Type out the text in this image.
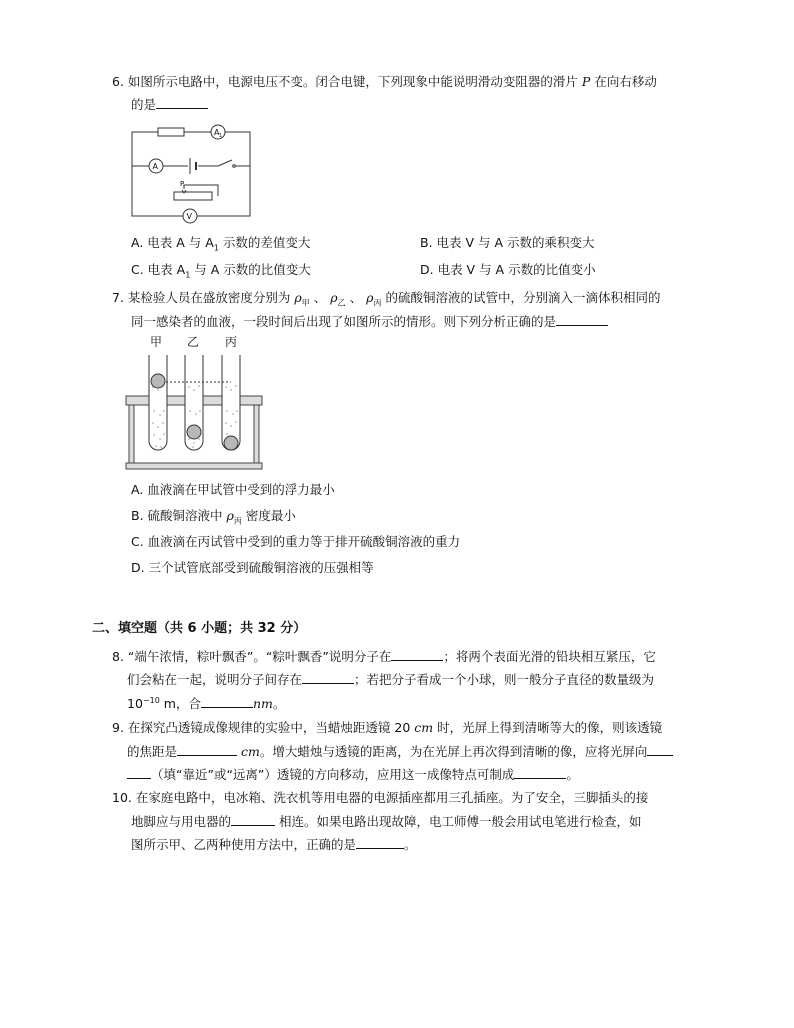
6. 如图所示电路中，电源电压不变。闭合电键，下列现象中能说明滑动变阻器的滑片 P 在向右移动
的是
A 1
A
P
V
A. 电表 A 与 $A_1$ 示数的差值变大	B. 电表 V 与 A 示数的乘积变大
C. 电表 $A_1$ 与 A 示数的比值变大	D. 电表 V 与 A 示数的比值变小
7. 某检验人员在盛放密度分别为 $\rho_甲$ 、 $\rho_乙$ 、 $\rho_丙$ 的硫酸铜溶液的试管中，分别滴入一滴体积相同的
同一感染者的血液，一段时间后出现了如图所示的情形。则下列分析正确的是
甲 乙 丙
A. 血液滴在甲试管中受到的浮力最小
B. 硫酸铜溶液中 $\rho_丙$ 密度最小
C. 血液滴在丙试管中受到的重力等于排开硫酸铜溶液的重力
D. 三个试管底部受到硫酸铜溶液的压强相等
二、填空题（共 6 小题；共 32 分）
8. “端午浓情，粽叶飘香”。“粽叶飘香”说明分子在	；将两个表面光滑的铅块相互紧压，它
们会粘在一起，说明分子间存在	；若把分子看成一个小球，则一般分子直径的数量级为
$10^{-10}$ m，合	nm。
9. 在探究凸透镜成像规律的实验中，当蜡烛距透镜 20 cm 时，光屏上得到清晰等大的像，则该透镜
的焦距是	cm。增大蜡烛与透镜的距离，为在光屏上再次得到清晰的像，应将光屏向
（填“靠近”或“远离”）透镜的方向移动，应用这一成像特点可制成	。
10. 在家庭电路中，电冰箱、洗衣机等用电器的电源插座都用三孔插座。为了安全，三脚插头的接
地脚应与用电器的	相连。如果电路出现故障，电工师傅一般会用试电笔进行检查，如
图所示甲、乙两种使用方法中，正确的是	。
